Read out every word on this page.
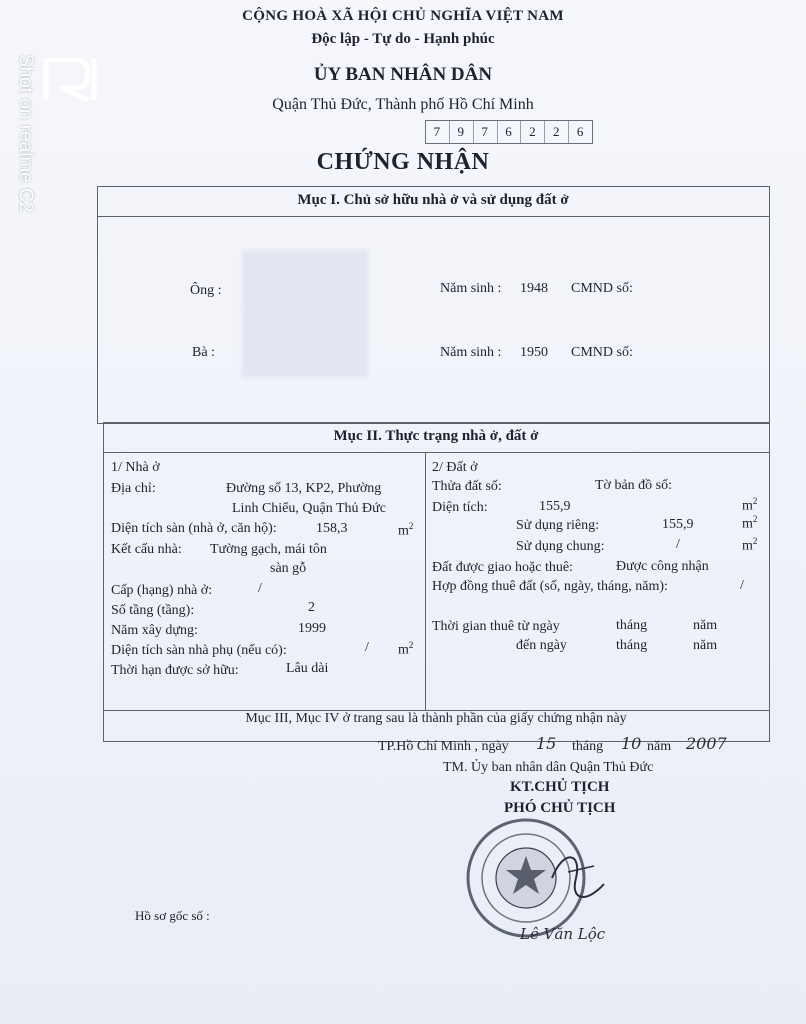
Shot on realme C2
CỘNG HOÀ XÃ HỘI CHỦ NGHĨA VIỆT NAM
Độc lập - Tự do - Hạnh phúc
ỦY BAN NHÂN DÂN
Quận Thủ Đức, Thành phố Hồ Chí Minh
7	9	7	6	2	2	6
CHỨNG NHẬN
Mục I. Chủ sở hữu nhà ở và sử dụng đất ở
Ông :	Năm sinh : 1948 CMND số:
Bà :	Năm sinh : 1950 CMND số:
Mục II. Thực trạng nhà ở, đất ở
1/ Nhà ở
Địa chỉ:	Đường số 13, KP2, Phường
Linh Chiểu, Quận Thủ Đức
Diện tích sàn (nhà ở, căn hộ):	158,3	$m^2$
Kết cấu nhà: Tường gạch, mái tôn
sàn gỗ
Cấp (hạng) nhà ở:	/
Số tầng (tầng):	2
Năm xây dựng:	1999
Diện tích sàn nhà phụ (nếu có):	/ $m^2$
Thời hạn được sở hữu:	Lâu dài
2/ Đất ở
Thửa đất số:	Tờ bản đồ số:
Diện tích:	155,9	$m^2$
Sử dụng riêng:	155,9	$m^2$
Sử dụng chung:	/	$m^2$
Đất được giao hoặc thuê:	Được công nhận
Hợp đồng thuê đất (số, ngày, tháng, năm):	/
Thời gian thuê từ ngày	tháng	năm
đến ngày	tháng	năm
Mục III, Mục IV ở trang sau là thành phần của giấy chứng nhận này
TP.Hồ Chí Minh , ngày 15 tháng 10 năm 2007
TM. Ủy ban nhân dân Quận Thủ Đức
KT.CHỦ TỊCH
PHÓ CHỦ TỊCH
Lê Văn Lộc
Hồ sơ gốc số :
